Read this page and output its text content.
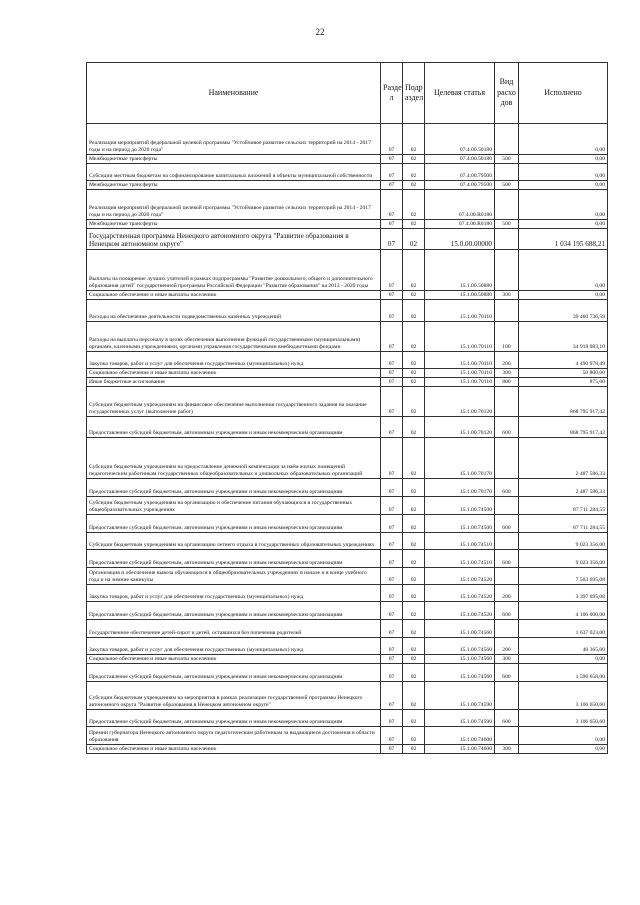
22
Наименование	Разде л	Подр аздел	Целевая статья	Вид расхо дов	Исполнено
Реализация мероприятий федеральной целевой программы "Устойчивое развитие сельских территорий на 2014 - 2017 годы и на период до 2020 года"	07	02	07.4.00.50180		0,00
Межбюджетные трансферты	07	02	07.4.00.50180	500	0,00
Субсидии местным бюджетам на софинансирование капитальных вложений в объекты муниципальной собственности	07	02	07.4.00.79500		0,00
Межбюджетные трансферты	07	02	07.4.00.79500	500	0,00
Реализация мероприятий федеральной целевой программы "Устойчивое развитие сельских территорий на 2014 - 2017 годы и на период до 2020 года"	07	02	07.4.00.R0180		0,00
Межбюджетные трансферты	07	02	07.4.00.R0180	500	0,00
Государственная программа Ненецкого автономного округа "Развитие образования в Ненецком автономном округе"	07	02	15.0.00.00000		1 034 195 688,21
Выплаты на поощрение лучших учителей в рамках подпрограммы "Развитие дошкольного, общего и дополнительного образования детей" государственной программы Российской Федерации "Развитие образования" на 2013 - 2020 годы	07	02	15.1.00.50880		0,00
Социальное обеспечение и иные выплаты населению	07	02	15.1.00.50880	300	0,00
Расходы на обеспечение деятельности подведомственных казённых учреждений	07	02	15.1.00.70110		39 460 736,59
Расходы на выплаты персоналу в целях обеспечения выполнения функций государственными (муниципальными) органами, казенными учреждениями, органами управления государственными внебюджетными фондами	07	02	15.1.00.70110	100	34 918 083,10
Закупка товаров, работ и услуг для обеспечения государственных (муниципальных) нужд	07	02	15.1.00.70110	200	4 490 978,49
Социальное обеспечение и иные выплаты населению	07	02	15.1.00.70110	300	50 800,00
Иные бюджетные ассигнования	07	02	15.1.00.70110	800	875,00
Субсидии бюджетным учреждениям на финансовое обеспечение выполнения государственного задания на оказание государственных услуг (выполнение работ)	07	02	15.1.00.70120		868 795 917,42
Предоставление субсидий бюджетным, автономным учреждениям и иным некоммерческим организациям	07	02	15.1.00.70120	600	868 795 917,42
Субсидии бюджетным учреждениям на предоставление денежной компенсации за наём жилых помещений педагогическим работникам государственных общеобразовательных и дошкольных образовательных организаций	07	02	15.1.00.70170		2 487 586,33
Предоставление субсидий бюджетным, автономным учреждениям и иным некоммерческим организациям	07	02	15.1.00.70170	600	2 487 586,33
Субсидии бюджетным учреждениям на организацию и обеспечение питания обучающихся в государственных общеобразовательных учреждениях	07	02	15.1.00.74500		87 711 284,55
Предоставление субсидий бюджетным, автономным учреждениям и иным некоммерческим организациям	07	02	15.1.00.74500	600	87 711 284,55
Субсидии бюджетным учреждениям на организацию летнего отдыха в государственных образовательных учреждениях	07	02	15.1.00.74510		9 023 356,00
Предоставление субсидий бюджетным, автономным учреждениям и иным некоммерческим организациям	07	02	15.1.00.74510	600	9 023 356,00
Организация и обеспечение вывоза обучающихся в общеобразовательных учреждениях в начале и в конце учебного года и на зимние каникулы	07	02	15.1.00.74520		7 503 695,08
Закупка товаров, работ и услуг для обеспечения государственных (муниципальных) нужд	07	02	15.1.00.74520	200	3 397 695,08
Предоставление субсидий бюджетным, автономным учреждениям и иным некоммерческим организациям	07	02	15.1.00.74520	600	4 106 000,00
Государственное обеспечение детей-сирот и детей, оставшихся без попечения родителей	07	02	15.1.00.74560		1 637 023,00
Закупка товаров, работ и услуг для обеспечения государственных (муниципальных) нужд	07	02	15.1.00.74560	200	40 365,00
Социальное обеспечение и иные выплаты населению	07	02	15.1.00.74560	300	0,00
Предоставление субсидий бюджетным, автономным учреждениям и иным некоммерческим организациям	07	02	15.1.00.74560	600	1 596 658,00
Субсидии бюджетным учреждениям на мероприятия в рамках реализации государственной программы Ненецкого автономного округа "Развитие образования в Ненецком автономном округе"	07	02	15.1.00.74590		3 106 650,60
Предоставление субсидий бюджетным, автономным учреждениям и иным некоммерческим организациям	07	02	15.1.00.74590	600	3 106 650,60
Премии губернатора Ненецкого автономного округа педагогическим работникам за выдающиеся достижения в области образования	07	02	15.1.00.74600		0,00
Социальное обеспечение и иные выплаты населению	07	02	15.1.00.74600	300	0,00
